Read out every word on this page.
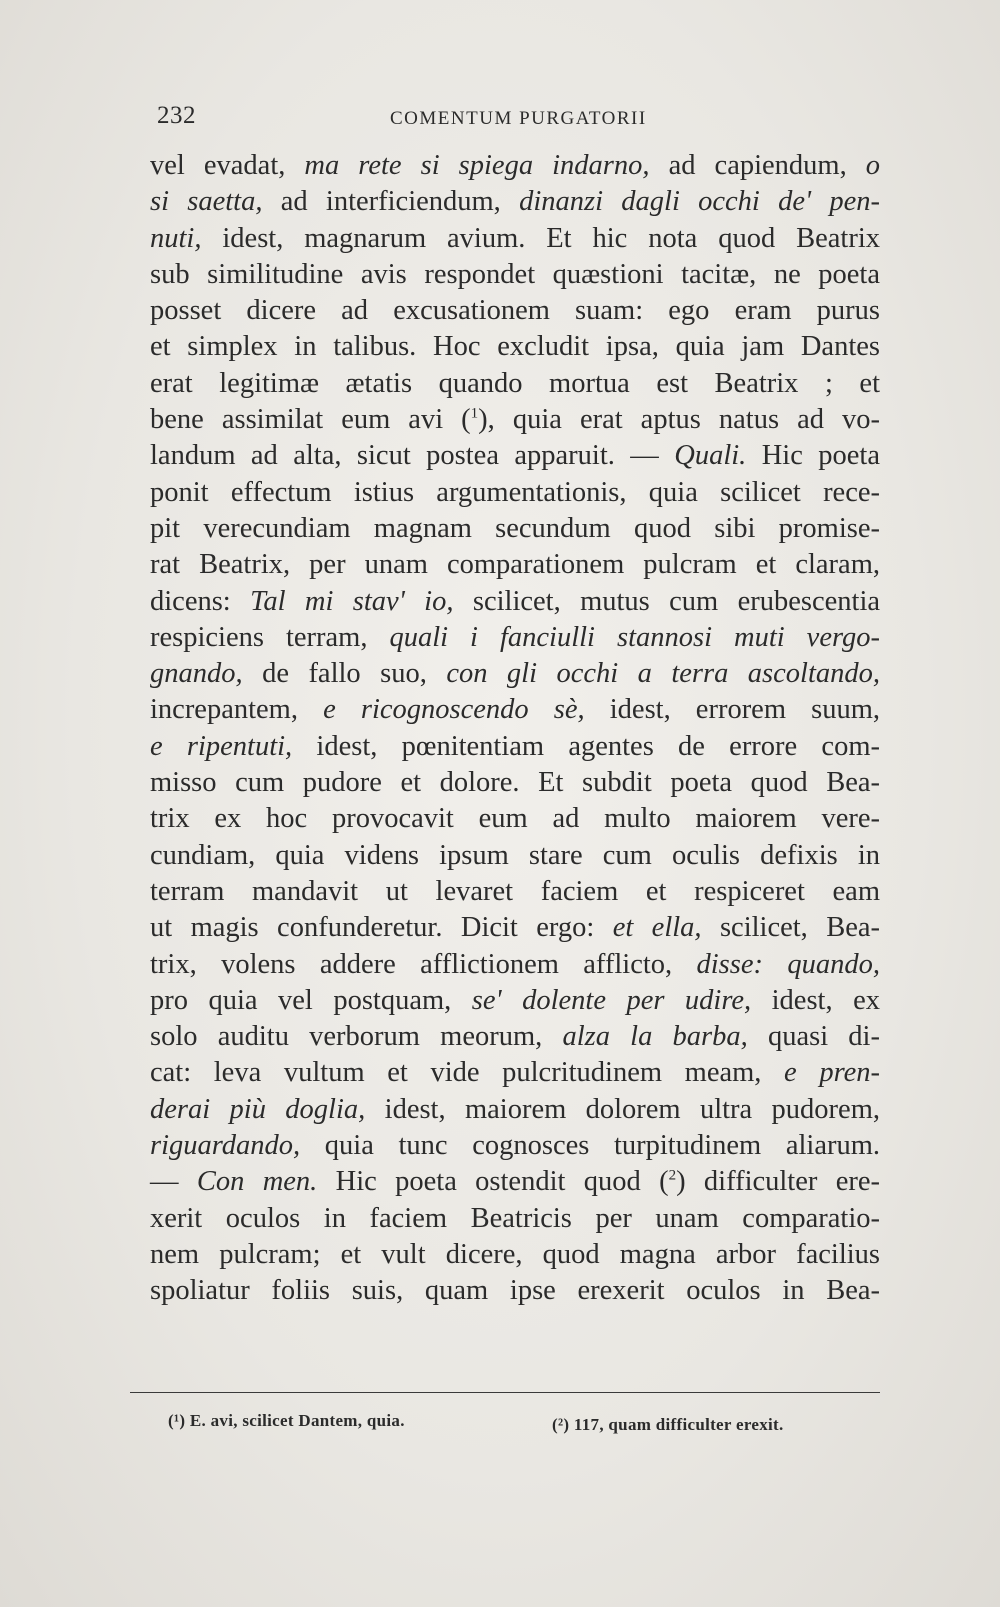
232	COMENTUM PURGATORII
vel evadat, ma rete si spiega indarno, ad capiendum, o
si saetta, ad interficiendum, dinanzi dagli occhi de' pen-
nuti, idest, magnarum avium. Et hic nota quod Beatrix
sub similitudine avis respondet quæstioni tacitæ, ne poeta
posset dicere ad excusationem suam: ego eram purus
et simplex in talibus. Hoc excludit ipsa, quia jam Dantes
erat legitimæ ætatis quando mortua est Beatrix ; et
bene assimilat eum avi ($^1$), quia erat aptus natus ad vo-
landum ad alta, sicut postea apparuit. — Quali. Hic poeta
ponit effectum istius argumentationis, quia scilicet rece-
pit verecundiam magnam secundum quod sibi promise-
rat Beatrix, per unam comparationem pulcram et claram,
dicens: Tal mi stav' io, scilicet, mutus cum erubescentia
respiciens terram, quali i fanciulli stannosi muti vergo-
gnando, de fallo suo, con gli occhi a terra ascoltando,
increpantem, e ricognoscendo sè, idest, errorem suum,
e ripentuti, idest, pœnitentiam agentes de errore com-
misso cum pudore et dolore. Et subdit poeta quod Bea-
trix ex hoc provocavit eum ad multo maiorem vere-
cundiam, quia videns ipsum stare cum oculis defixis in
terram mandavit ut levaret faciem et respiceret eam
ut magis confunderetur. Dicit ergo: et ella, scilicet, Bea-
trix, volens addere afflictionem afflicto, disse: quando,
pro quia vel postquam, se' dolente per udire, idest, ex
solo auditu verborum meorum, alza la barba, quasi di-
cat: leva vultum et vide pulcritudinem meam, e pren-
derai più doglia, idest, maiorem dolorem ultra pudorem,
riguardando, quia tunc cognosces turpitudinem aliarum.
— Con men. Hic poeta ostendit quod ($^2$) difficulter ere-
xerit oculos in faciem Beatricis per unam comparatio-
nem pulcram; et vult dicere, quod magna arbor facilius
spoliatur foliis suis, quam ipse erexerit oculos in Bea-
(¹) E. avi, scilicet Dantem, quia.	(²) 117, quam difficulter erexit.
